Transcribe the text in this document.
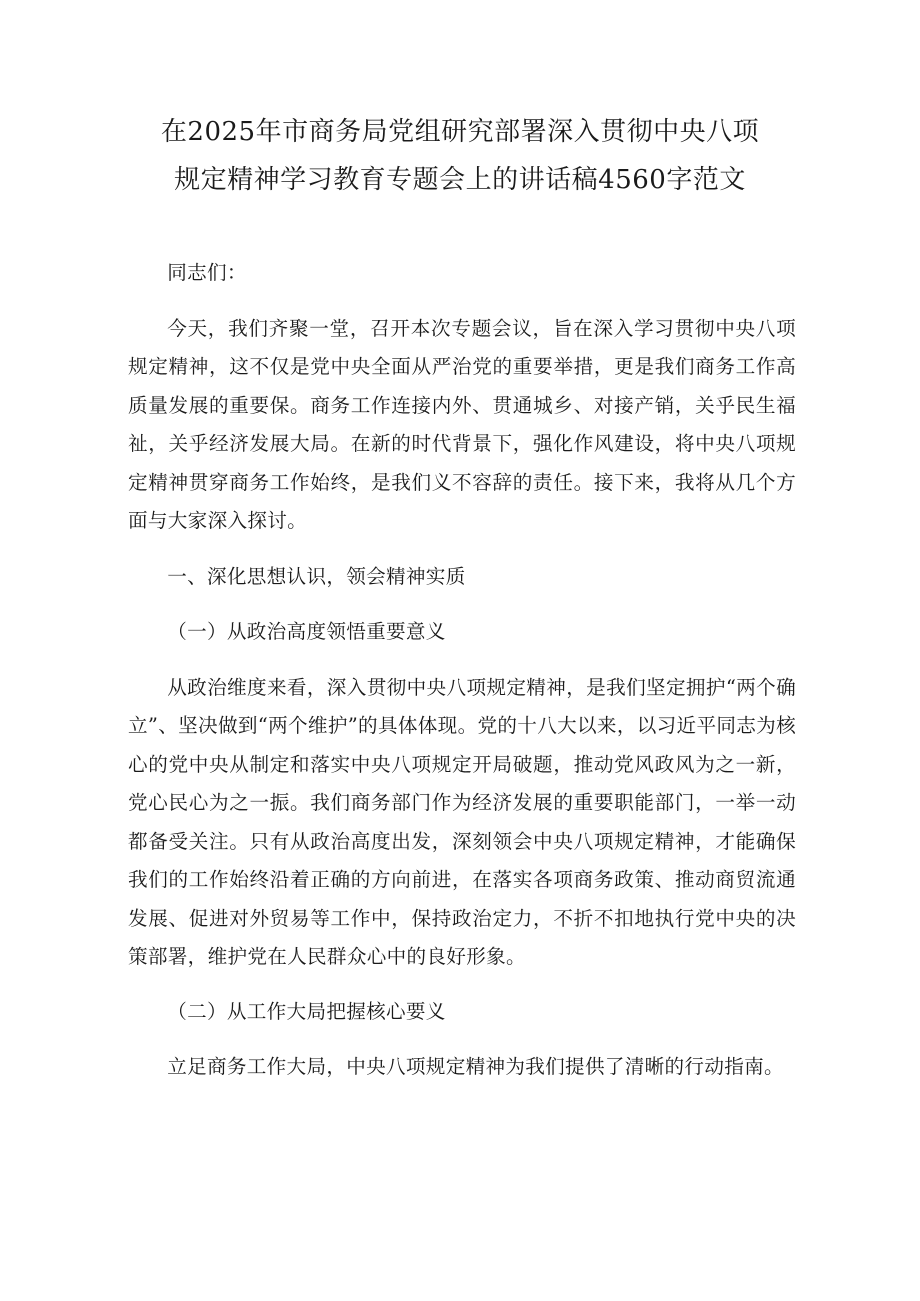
在2025年市商务局党组研究部署深入贯彻中央八项
规定精神学习教育专题会上的讲话稿4560字范文

同志们：

今天，我们齐聚一堂，召开本次专题会议，旨在深入学习贯彻中央八项规定精神，这不仅是党中央全面从严治党的重要举措，更是我们商务工作高质量发展的重要保。商务工作连接内外、贯通城乡、对接产销，关乎民生福祉，关乎经济发展大局。在新的时代背景下，强化作风建设，将中央八项规定精神贯穿商务工作始终，是我们义不容辞的责任。接下来，我将从几个方面与大家深入探讨。

一、深化思想认识，领会精神实质

（一）从政治高度领悟重要意义

从政治维度来看，深入贯彻中央八项规定精神，是我们坚定拥护“两个确立”、坚决做到“两个维护”的具体体现。党的十八大以来，以习近平同志为核心的党中央从制定和落实中央八项规定开局破题，推动党风政风为之一新，党心民心为之一振。我们商务部门作为经济发展的重要职能部门，一举一动都备受关注。只有从政治高度出发，深刻领会中央八项规定精神，才能确保我们的工作始终沿着正确的方向前进，在落实各项商务政策、推动商贸流通发展、促进对外贸易等工作中，保持政治定力，不折不扣地执行党中央的决策部署，维护党在人民群众心中的良好形象。

（二）从工作大局把握核心要义

立足商务工作大局，中央八项规定精神为我们提供了清晰的行动指南。
